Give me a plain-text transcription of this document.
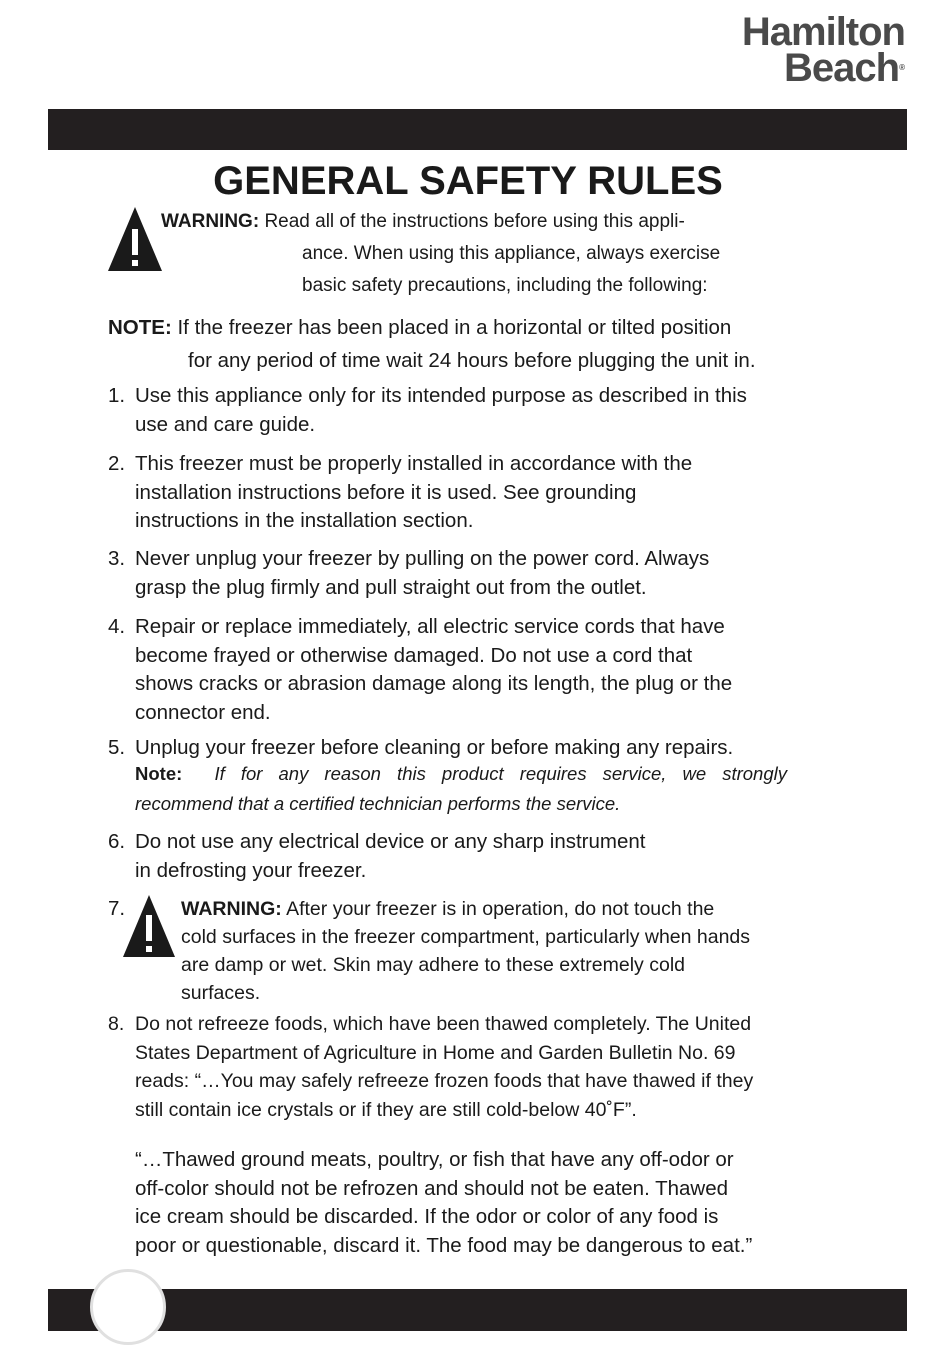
Hamilton
Beach®
GENERAL SAFETY RULES
WARNING: Read all of the instructions before using this appli-
ance. When using this appliance, always exercise
basic safety precautions, including the following:
NOTE: If the freezer has been placed in a horizontal or tilted position
for any period of time wait 24 hours before plugging the unit in.
1. Use this appliance only for its intended purpose as described in this

use and care guide.

2. This freezer must be properly installed in accordance with the

installation instructions before it is used. See grounding

instructions in the installation section.

3. Never unplug your freezer by pulling on the power cord. Always

grasp the plug firmly and pull straight out from the outlet.

4. Repair or replace immediately, all electric service cords that have

become frayed or otherwise damaged. Do not use a cord that

shows cracks or abrasion damage along its length, the plug or the

connector end.

5. Unplug your freezer before cleaning or before making any repairs.

Note: If for any reason this product requires service, we strongly

recommend that a certified technician performs the service.

6. Do not use any electrical device or any sharp instrument

in defrosting your freezer.

7.	WARNING: After your freezer is in operation, do not touch the

cold surfaces in the freezer compartment, particularly when hands

are damp or wet. Skin may adhere to these extremely cold

surfaces.

8. Do not refreeze foods, which have been thawed completely. The United

States Department of Agriculture in Home and Garden Bulletin No. 69

reads: “…You may safely refreeze frozen foods that have thawed if they

still contain ice crystals or if they are still cold-below 40˚F”.

“…Thawed ground meats, poultry, or fish that have any off-odor or

off-color should not be refrozen and should not be eaten. Thawed

ice cream should be discarded. If the odor or color of any food is

poor or questionable, discard it. The food may be dangerous to eat.”
